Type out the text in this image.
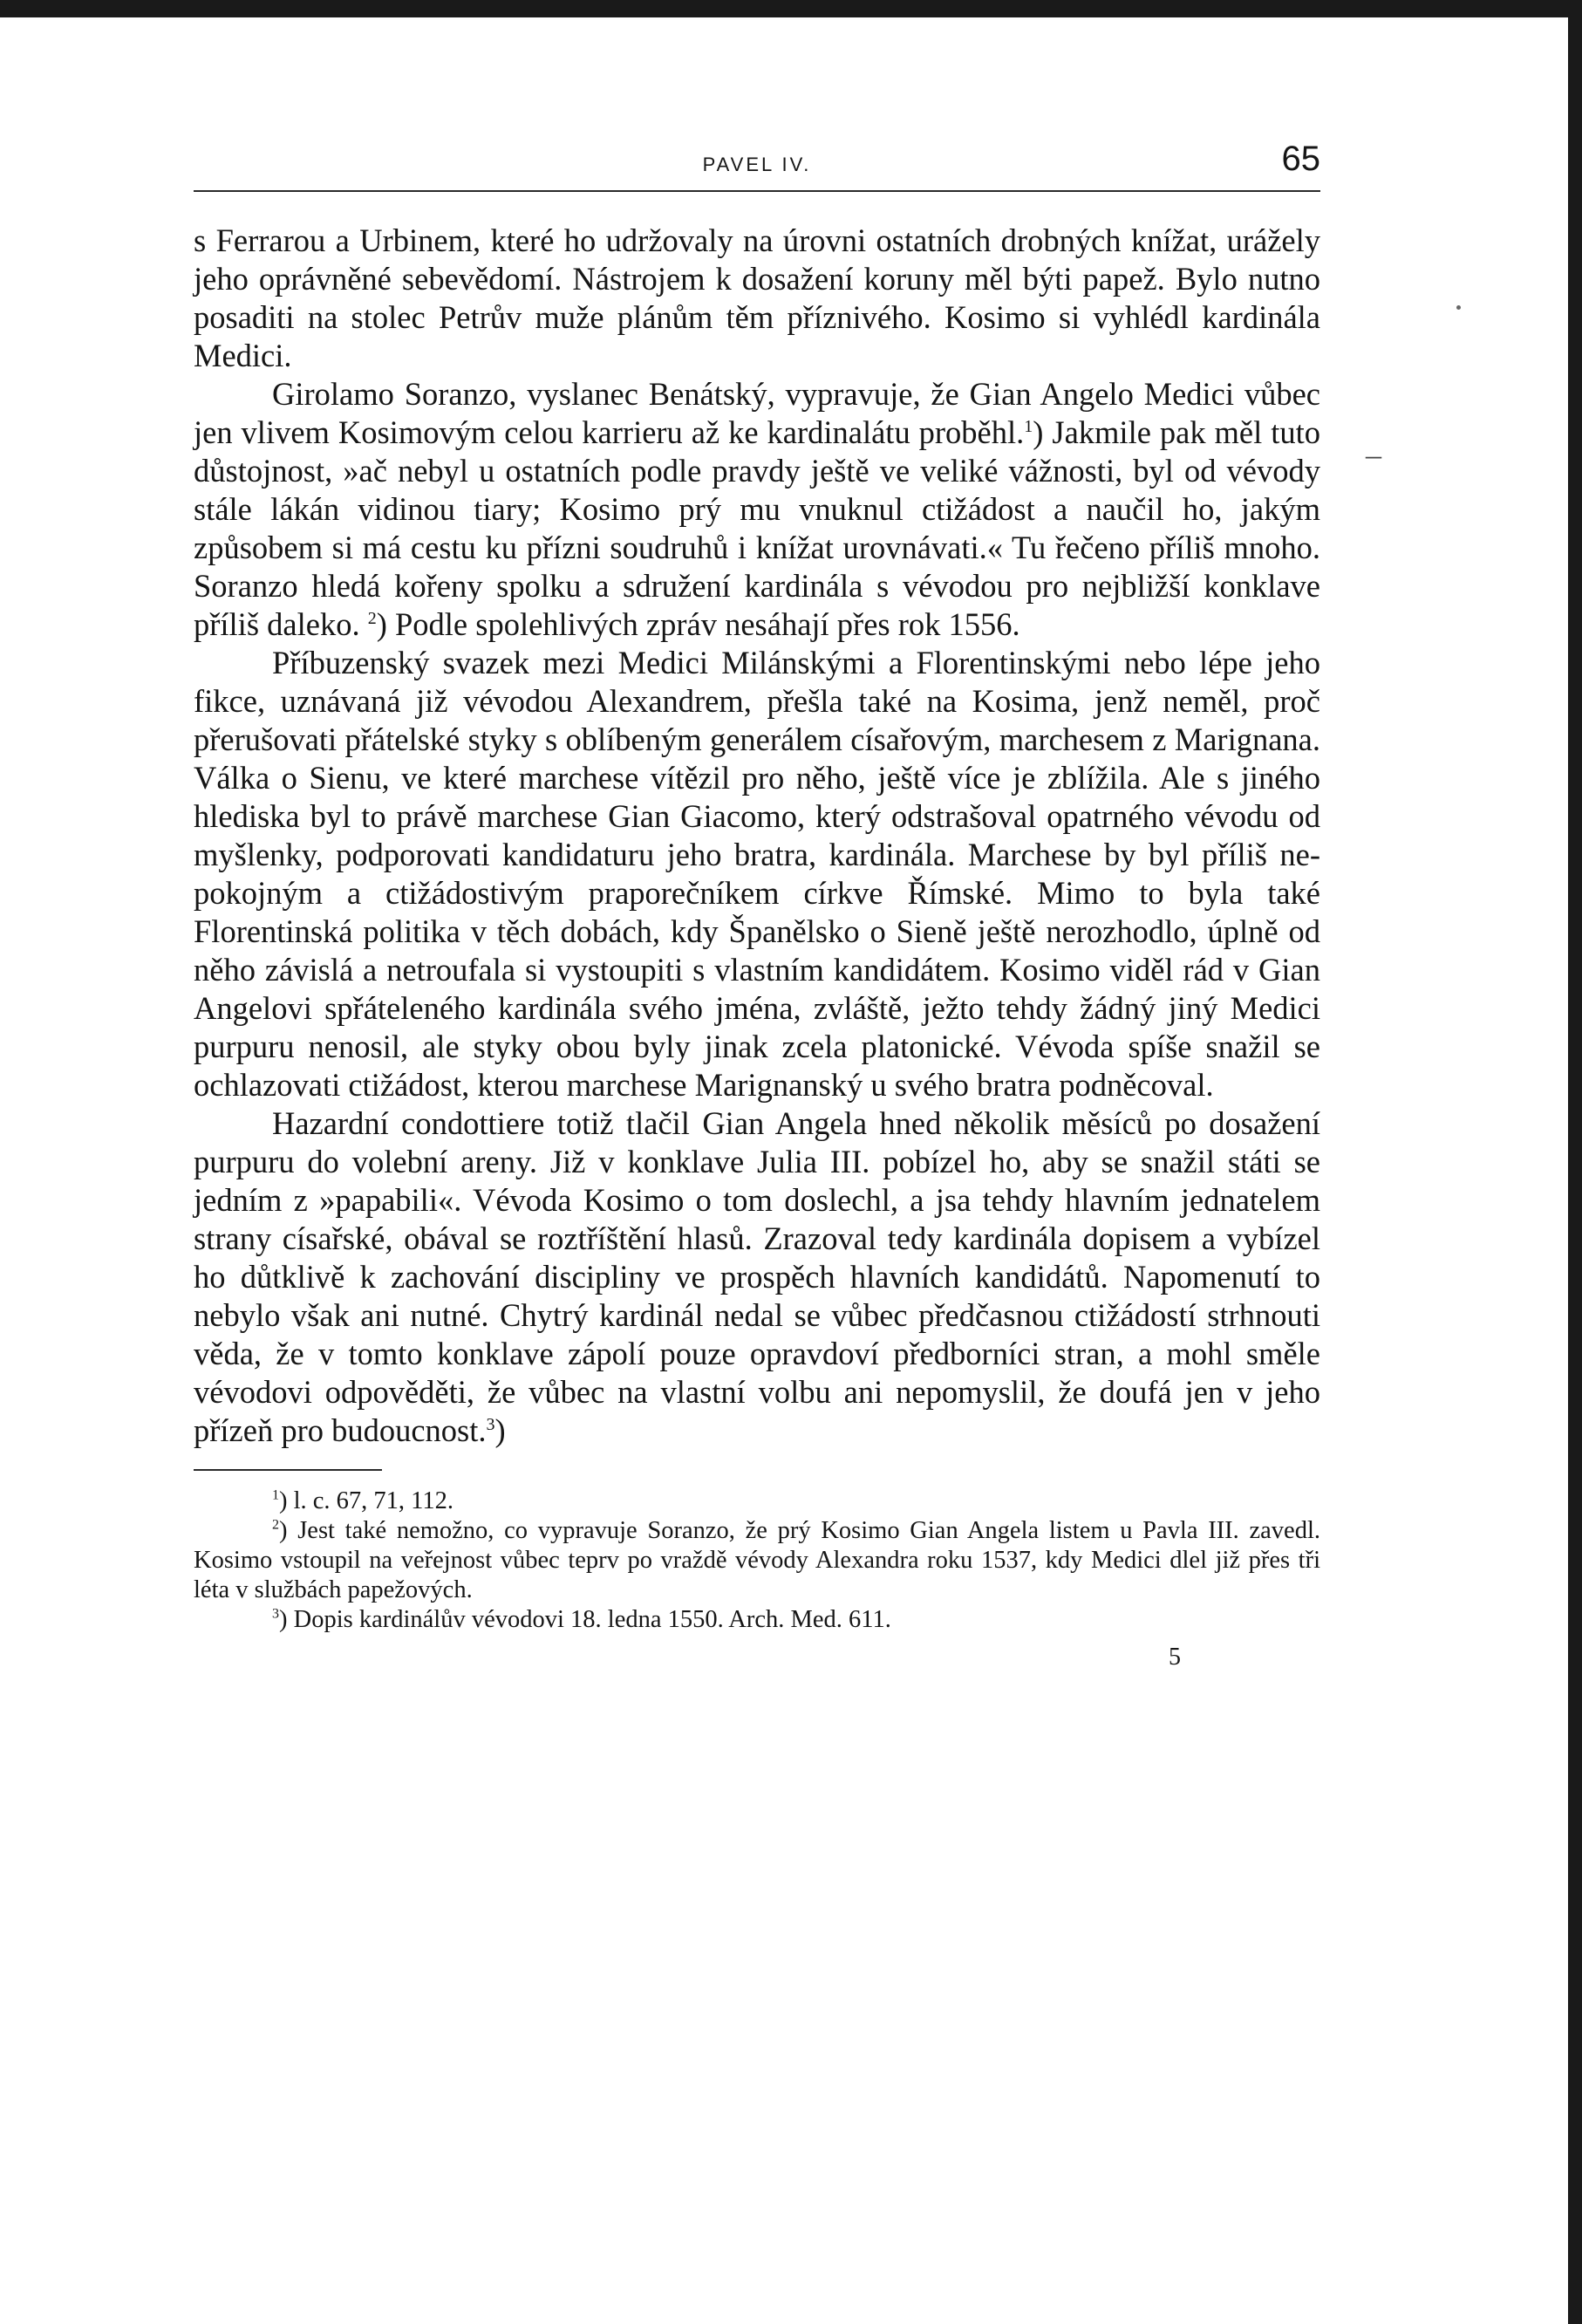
–
PAVEL IV.	65

s Ferrarou a Urbinem, které ho udržovaly na úrovni ostatních drobných knížat, urážely jeho oprávněné sebevědomí. Nástrojem k dosažení koruny měl býti papež. Bylo nutno posaditi na stolec Petrův muže plánům těm příznivého. Kosimo si vyhlédl kardinála Medici.

Girolamo Soranzo, vyslanec Benátský, vypravuje, že Gian Angelo Medici vůbec jen vlivem Kosimovým celou karrieru až ke kardinalátu proběhl.$^1$) Jakmile pak měl tuto důstojnost, »ač nebyl u ostatních podle pravdy ještě ve veliké vážnosti, byl od vévody stále lákán vidinou tiary; Kosimo prý mu vnuknul ctižádost a naučil ho, jakým způsobem si má cestu ku přízni soudruhů i knížat urovnávati.« Tu řečeno příliš mnoho. Soranzo hledá kořeny spolku a sdružení kardinála s vévodou pro nejbližší konklave příliš daleko. $^2$) Podle spolehlivých zpráv nesáhají přes rok 1556.

Příbuzenský svazek mezi Medici Milánskými a Florentinskými nebo lépe jeho fikce, uznávaná již vévodou Alexandrem, přešla také na Kosima, jenž neměl, proč přerušovati přátelské styky s oblíbeným generálem císařovým, marchesem z Marignana. Válka o Sienu, ve které marchese vítězil pro něho, ještě více je zblížila. Ale s jiného hlediska byl to právě marchese Gian Giacomo, který odstrašoval opatrného vévodu od myšlenky, podporovati kandidaturu jeho bratra, kardinála. Marchese by byl příliš nepokojným a ctižádostivým praporečníkem církve Římské. Mimo to byla také Florentinská politika v těch dobách, kdy Španělsko o Sieně ještě nerozhodlo, úplně od něho závislá a netroufala si vystoupiti s vlastním kandidátem. Kosimo viděl rád v Gian Angelovi spřáteleného kardinála svého jména, zvláště, ježto tehdy žádný jiný Medici purpuru nenosil, ale styky obou byly jinak zcela platonické. Vévoda spíše snažil se ochlazovati ctižádost, kterou marchese Marignanský u svého bratra podněcoval.

Hazardní condottiere totiž tlačil Gian Angela hned několik měsíců po dosažení purpuru do volební areny. Již v konklave Julia III. pobízel ho, aby se snažil státi se jedním z »papabili«. Vévoda Kosimo o tom doslechl, a jsa tehdy hlavním jednatelem strany císařské, obával se roztříštění hlasů. Zrazoval tedy kardinála dopisem a vybízel ho důtklivě k zachování discipliny ve prospěch hlavních kandidátů. Napomenutí to nebylo však ani nutné. Chytrý kardinál nedal se vůbec předčasnou ctižádostí strhnouti věda, že v tomto konklave zápolí pouze opravdoví předborníci stran, a mohl směle vévodovi odpověděti, že vůbec na vlastní volbu ani nepomyslil, že doufá jen v jeho přízeň pro budoucnost.$^3$)

$^1$) l. c. 67, 71, 112.

$^2$) Jest také nemožno, co vypravuje Soranzo, že prý Kosimo Gian Angela listem u Pavla III. zavedl. Kosimo vstoupil na veřejnost vůbec teprv po vraždě vévody Alexandra roku 1537, kdy Medici dlel již přes tři léta v službách papežových.

$^3$) Dopis kardinálův vévodovi 18. ledna 1550. Arch. Med. 611.

5
